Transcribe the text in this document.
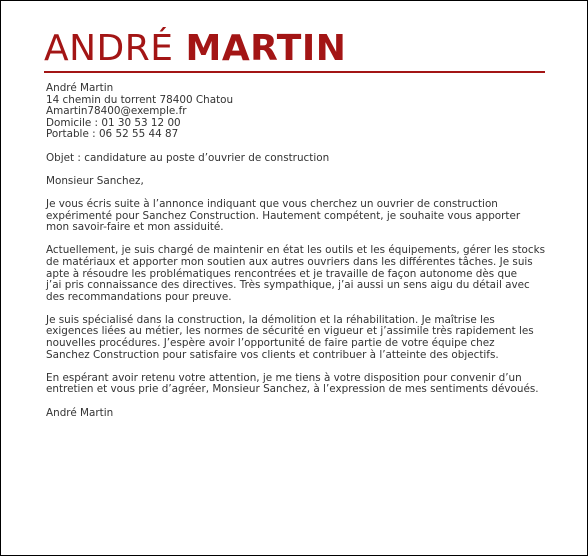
ANDRÉ MARTIN
André Martin
14 chemin du torrent 78400 Chatou
Amartin78400@exemple.fr
Domicile : 01 30 53 12 00
Portable : 06 52 55 44 87

Objet : candidature au poste d’ouvrier de construction

Monsieur Sanchez,

Je vous écris suite à l’annonce indiquant que vous cherchez un ouvrier de construction
expérimenté pour Sanchez Construction. Hautement compétent, je souhaite vous apporter
mon savoir-faire et mon assiduité.

Actuellement, je suis chargé de maintenir en état les outils et les équipements, gérer les stocks
de matériaux et apporter mon soutien aux autres ouvriers dans les différentes tâches. Je suis
apte à résoudre les problématiques rencontrées et je travaille de façon autonome dès que
j’ai pris connaissance des directives. Très sympathique, j’ai aussi un sens aigu du détail avec
des recommandations pour preuve.

Je suis spécialisé dans la construction, la démolition et la réhabilitation. Je maîtrise les
exigences liées au métier, les normes de sécurité en vigueur et j’assimile très rapidement les
nouvelles procédures. J’espère avoir l’opportunité de faire partie de votre équipe chez
Sanchez Construction pour satisfaire vos clients et contribuer à l’atteinte des objectifs.

En espérant avoir retenu votre attention, je me tiens à votre disposition pour convenir d’un
entretien et vous prie d’agréer, Monsieur Sanchez, à l’expression de mes sentiments dévoués.

André Martin
